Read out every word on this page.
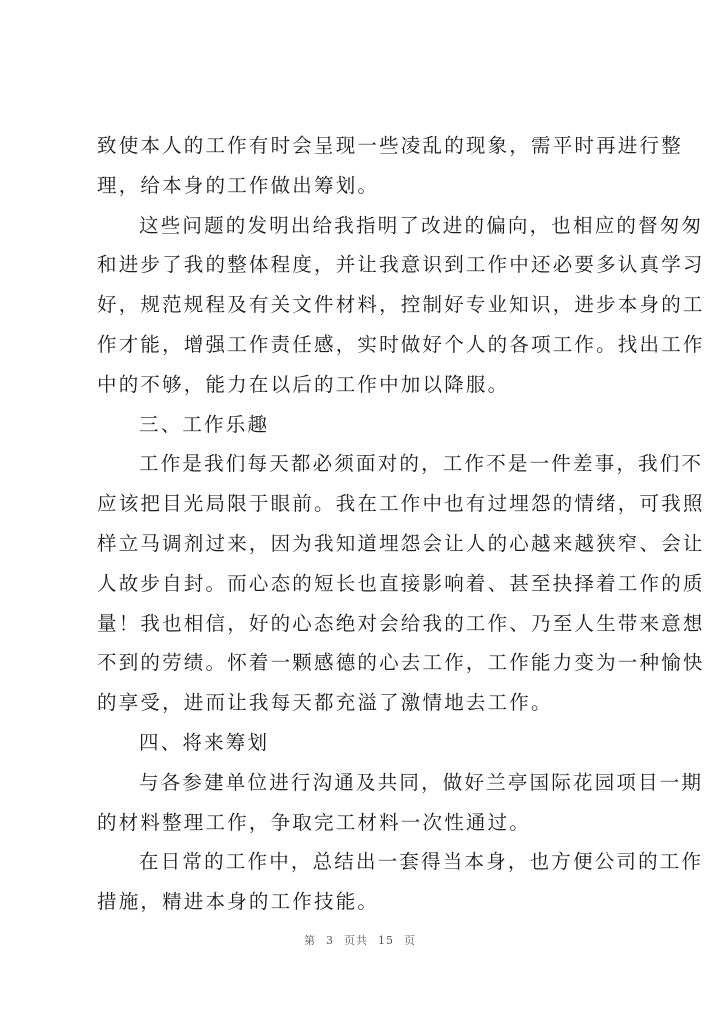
致使本人的工作有时会呈现一些凌乱的现象，需平时再进行整
理，给本身的工作做出筹划。

这些问题的发明出给我指明了改进的偏向，也相应的督匆匆
和进步了我的整体程度，并让我意识到工作中还必要多认真学习
好，规范规程及有关文件材料，控制好专业知识，进步本身的工
作才能，增强工作责任感，实时做好个人的各项工作。找出工作
中的不够，能力在以后的工作中加以降服。

三、工作乐趣

工作是我们每天都必须面对的，工作不是一件差事，我们不
应该把目光局限于眼前。我在工作中也有过埋怨的情绪，可我照
样立马调剂过来，因为我知道埋怨会让人的心越来越狭窄、会让
人故步自封。而心态的短长也直接影响着、甚至抉择着工作的质
量！我也相信，好的心态绝对会给我的工作、乃至人生带来意想
不到的劳绩。怀着一颗感德的心去工作，工作能力变为一种愉快
的享受，进而让我每天都充溢了激情地去工作。

四、将来筹划

与各参建单位进行沟通及共同，做好兰亭国际花园项目一期
的材料整理工作，争取完工材料一次性通过。

在日常的工作中，总结出一套得当本身，也方便公司的工作
措施，精进本身的工作技能。

第 3 页共 15 页
